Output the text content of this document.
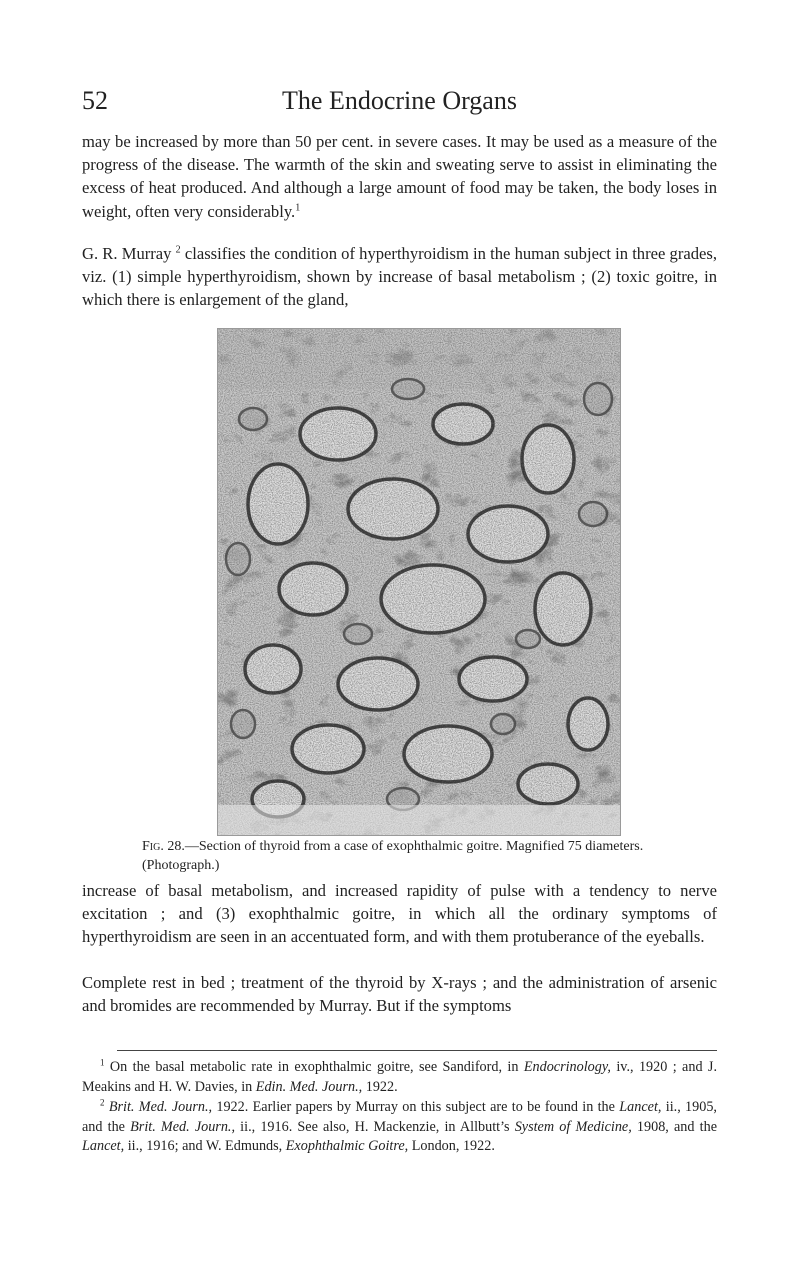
52	The Endocrine Organs

may be increased by more than 50 per cent. in severe cases. It may be used as a measure of the progress of the disease. The warmth of the skin and sweating serve to assist in eliminating the excess of heat produced. And although a large amount of food may be taken, the body loses in weight, often very considerably.$^1$

G. R. Murray $^2$ classifies the condition of hyperthyroidism in the human subject in three grades, viz. (1) simple hyperthyroidism, shown by increase of basal metabolism ; (2) toxic goitre, in which there is enlargement of the gland,

Fig. 28.—Section of thyroid from a case of exophthalmic goitre. Magnified 75 diameters. (Photograph.)

increase of basal metabolism, and increased rapidity of pulse with a tendency to nerve excitation ; and (3) exophthalmic goitre, in which all the ordinary symptoms of hyperthyroidism are seen in an accentuated form, and with them protuberance of the eyeballs.

Complete rest in bed ; treatment of the thyroid by X-rays ; and the administration of arsenic and bromides are recommended by Murray. But if the symptoms

$^1$ On the basal metabolic rate in exophthalmic goitre, see Sandiford, in Endocrinology, iv., 1920 ; and J. Meakins and H. W. Davies, in Edin. Med. Journ., 1922.

$^2$ Brit. Med. Journ., 1922. Earlier papers by Murray on this subject are to be found in the Lancet, ii., 1905, and the Brit. Med. Journ., ii., 1916. See also, H. Mackenzie, in Allbutt’s System of Medicine, 1908, and the Lancet, ii., 1916; and W. Edmunds, Exophthalmic Goitre, London, 1922.
